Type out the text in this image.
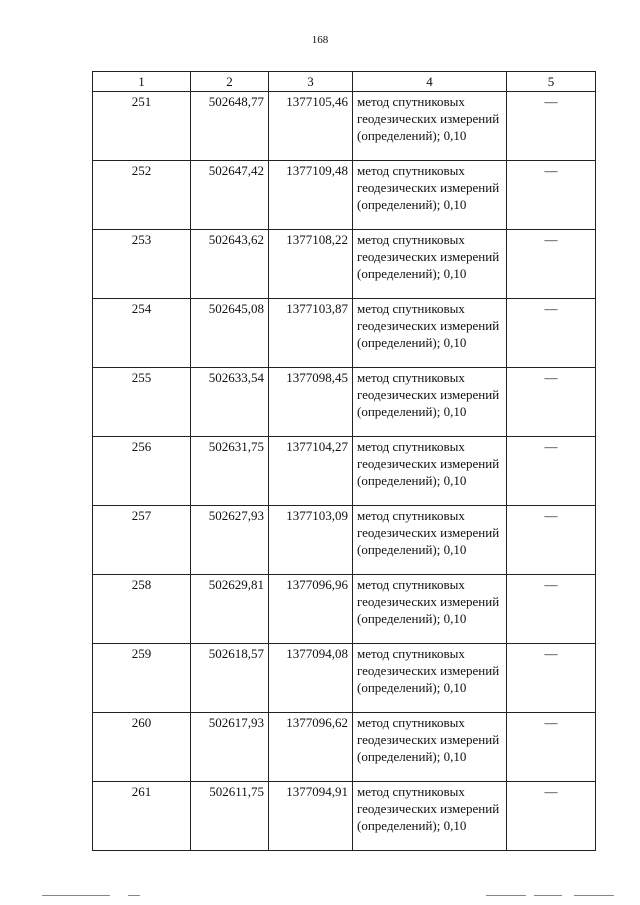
168
1	2	3	4	5
251	502648,77	1377105,46	метод спутниковых геодезических измерений (определений); 0,10	—
252	502647,42	1377109,48	метод спутниковых геодезических измерений (определений); 0,10	—
253	502643,62	1377108,22	метод спутниковых геодезических измерений (определений); 0,10	—
254	502645,08	1377103,87	метод спутниковых геодезических измерений (определений); 0,10	—
255	502633,54	1377098,45	метод спутниковых геодезических измерений (определений); 0,10	—
256	502631,75	1377104,27	метод спутниковых геодезических измерений (определений); 0,10	—
257	502627,93	1377103,09	метод спутниковых геодезических измерений (определений); 0,10	—
258	502629,81	1377096,96	метод спутниковых геодезических измерений (определений); 0,10	—
259	502618,57	1377094,08	метод спутниковых геодезических измерений (определений); 0,10	—
260	502617,93	1377096,62	метод спутниковых геодезических измерений (определений); 0,10	—
261	502611,75	1377094,91	метод спутниковых геодезических измерений (определений); 0,10	—
